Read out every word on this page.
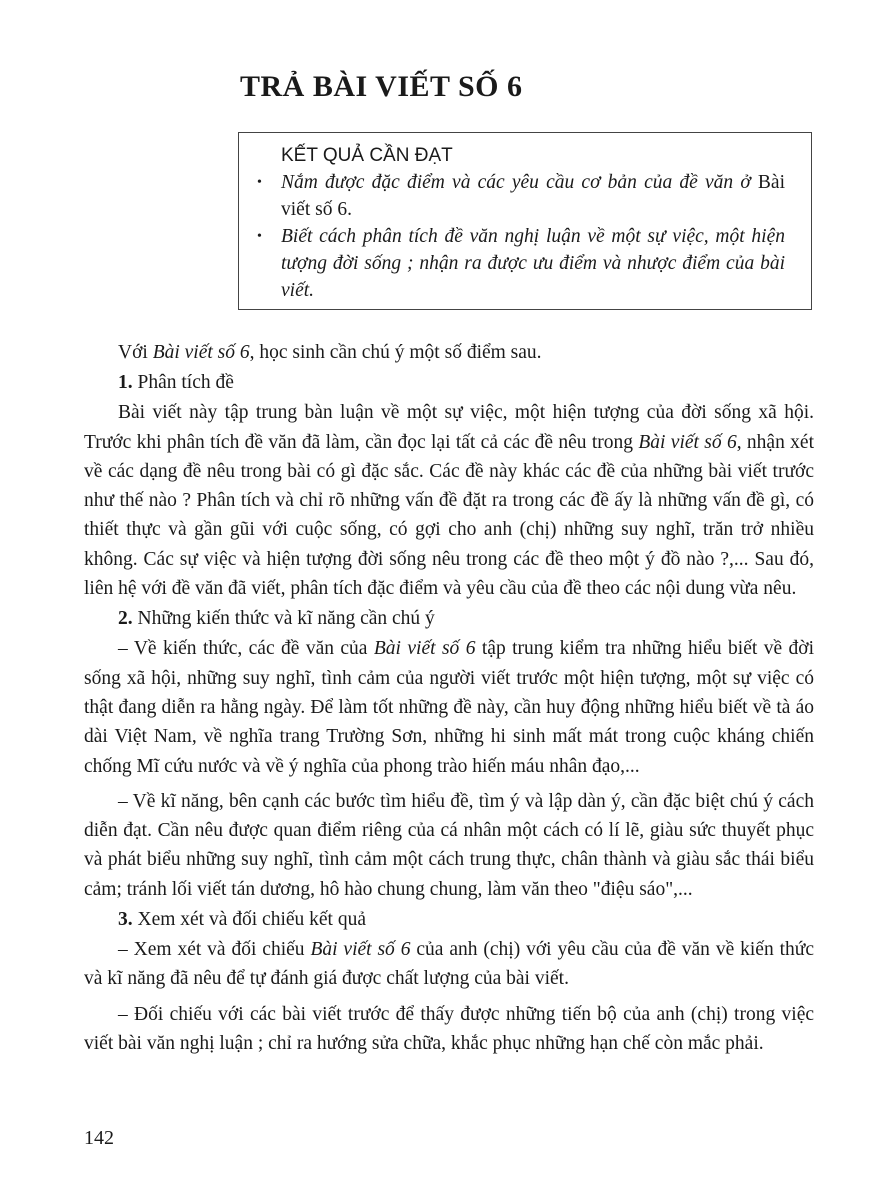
TRẢ BÀI VIẾT SỐ 6
KẾT QUẢ CẦN ĐẠT

• Nắm được đặc điểm và các yêu cầu cơ bản của đề văn ở Bài viết số 6.

• Biết cách phân tích đề văn nghị luận về một sự việc, một hiện tượng đời sống ; nhận ra được ưu điểm và nhược điểm của bài viết.

Với Bài viết số 6, học sinh cần chú ý một số điểm sau.

1. Phân tích đề

Bài viết này tập trung bàn luận về một sự việc, một hiện tượng của đời sống xã hội. Trước khi phân tích đề văn đã làm, cần đọc lại tất cả các đề nêu trong Bài viết số 6, nhận xét về các dạng đề nêu trong bài có gì đặc sắc. Các đề này khác các đề của những bài viết trước như thế nào ? Phân tích và chỉ rõ những vấn đề đặt ra trong các đề ấy là những vấn đề gì, có thiết thực và gần gũi với cuộc sống, có gợi cho anh (chị) những suy nghĩ, trăn trở nhiều không. Các sự việc và hiện tượng đời sống nêu trong các đề theo một ý đồ nào ?,... Sau đó, liên hệ với đề văn đã viết, phân tích đặc điểm và yêu cầu của đề theo các nội dung vừa nêu.

2. Những kiến thức và kĩ năng cần chú ý

– Về kiến thức, các đề văn của Bài viết số 6 tập trung kiểm tra những hiểu biết về đời sống xã hội, những suy nghĩ, tình cảm của người viết trước một hiện tượng, một sự việc có thật đang diễn ra hằng ngày. Để làm tốt những đề này, cần huy động những hiểu biết về tà áo dài Việt Nam, về nghĩa trang Trường Sơn, những hi sinh mất mát trong cuộc kháng chiến chống Mĩ cứu nước và về ý nghĩa của phong trào hiến máu nhân đạo,...

– Về kĩ năng, bên cạnh các bước tìm hiểu đề, tìm ý và lập dàn ý, cần đặc biệt chú ý cách diễn đạt. Cần nêu được quan điểm riêng của cá nhân một cách có lí lẽ, giàu sức thuyết phục và phát biểu những suy nghĩ, tình cảm một cách trung thực, chân thành và giàu sắc thái biểu cảm; tránh lối viết tán dương, hô hào chung chung, làm văn theo "điệu sáo",...

3. Xem xét và đối chiếu kết quả

– Xem xét và đối chiếu Bài viết số 6 của anh (chị) với yêu cầu của đề văn về kiến thức và kĩ năng đã nêu để tự đánh giá được chất lượng của bài viết.

– Đối chiếu với các bài viết trước để thấy được những tiến bộ của anh (chị) trong việc viết bài văn nghị luận ; chỉ ra hướng sửa chữa, khắc phục những hạn chế còn mắc phải.

142
